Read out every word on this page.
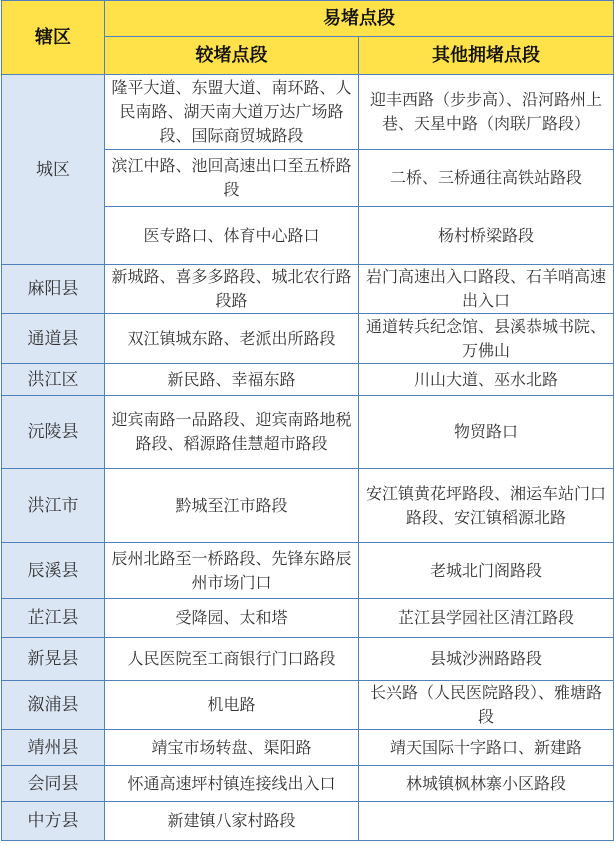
辖区	易堵点段	
	较堵点段	其他拥堵点段
城区	隆平大道、东盟大道、南环路、人民南路、湖天南大道万达广场路段、国际商贸城路段	迎丰西路（步步高）、沿河路州上巷、天星中路（肉联厂路段）
	滨江中路、池回高速出口至五桥路段	二桥、三桥通往高铁站路段
	医专路口、体育中心路口	杨村桥梁路段
麻阳县	新城路、喜多多路段、城北农行路段路	岩门高速出入口路段、石羊哨高速出入口
通道县	双江镇城东路、老派出所路段	通道转兵纪念馆、县溪恭城书院、万佛山
洪江区	新民路、幸福东路	川山大道、巫水北路
沅陵县	迎宾南路一品路段、迎宾南路地税路段、稻源路佳慧超市路段	物贸路口
洪江市	黔城至江市路段	安江镇黄花坪路段、湘运车站门口路段、安江镇稻源北路
辰溪县	辰州北路至一桥路段、先锋东路辰州市场门口	老城北门阁路段
芷江县	受降园、太和塔	芷江县学园社区清江路段
新晃县	人民医院至工商银行门口路段	县城沙洲路路段
溆浦县	机电路	长兴路（人民医院路段）、雅塘路段
靖州县	靖宝市场转盘、渠阳路	靖天国际十字路口、新建路
会同县	怀通高速坪村镇连接线出入口	林城镇枫林寨小区路段
中方县	新建镇八家村路段	
